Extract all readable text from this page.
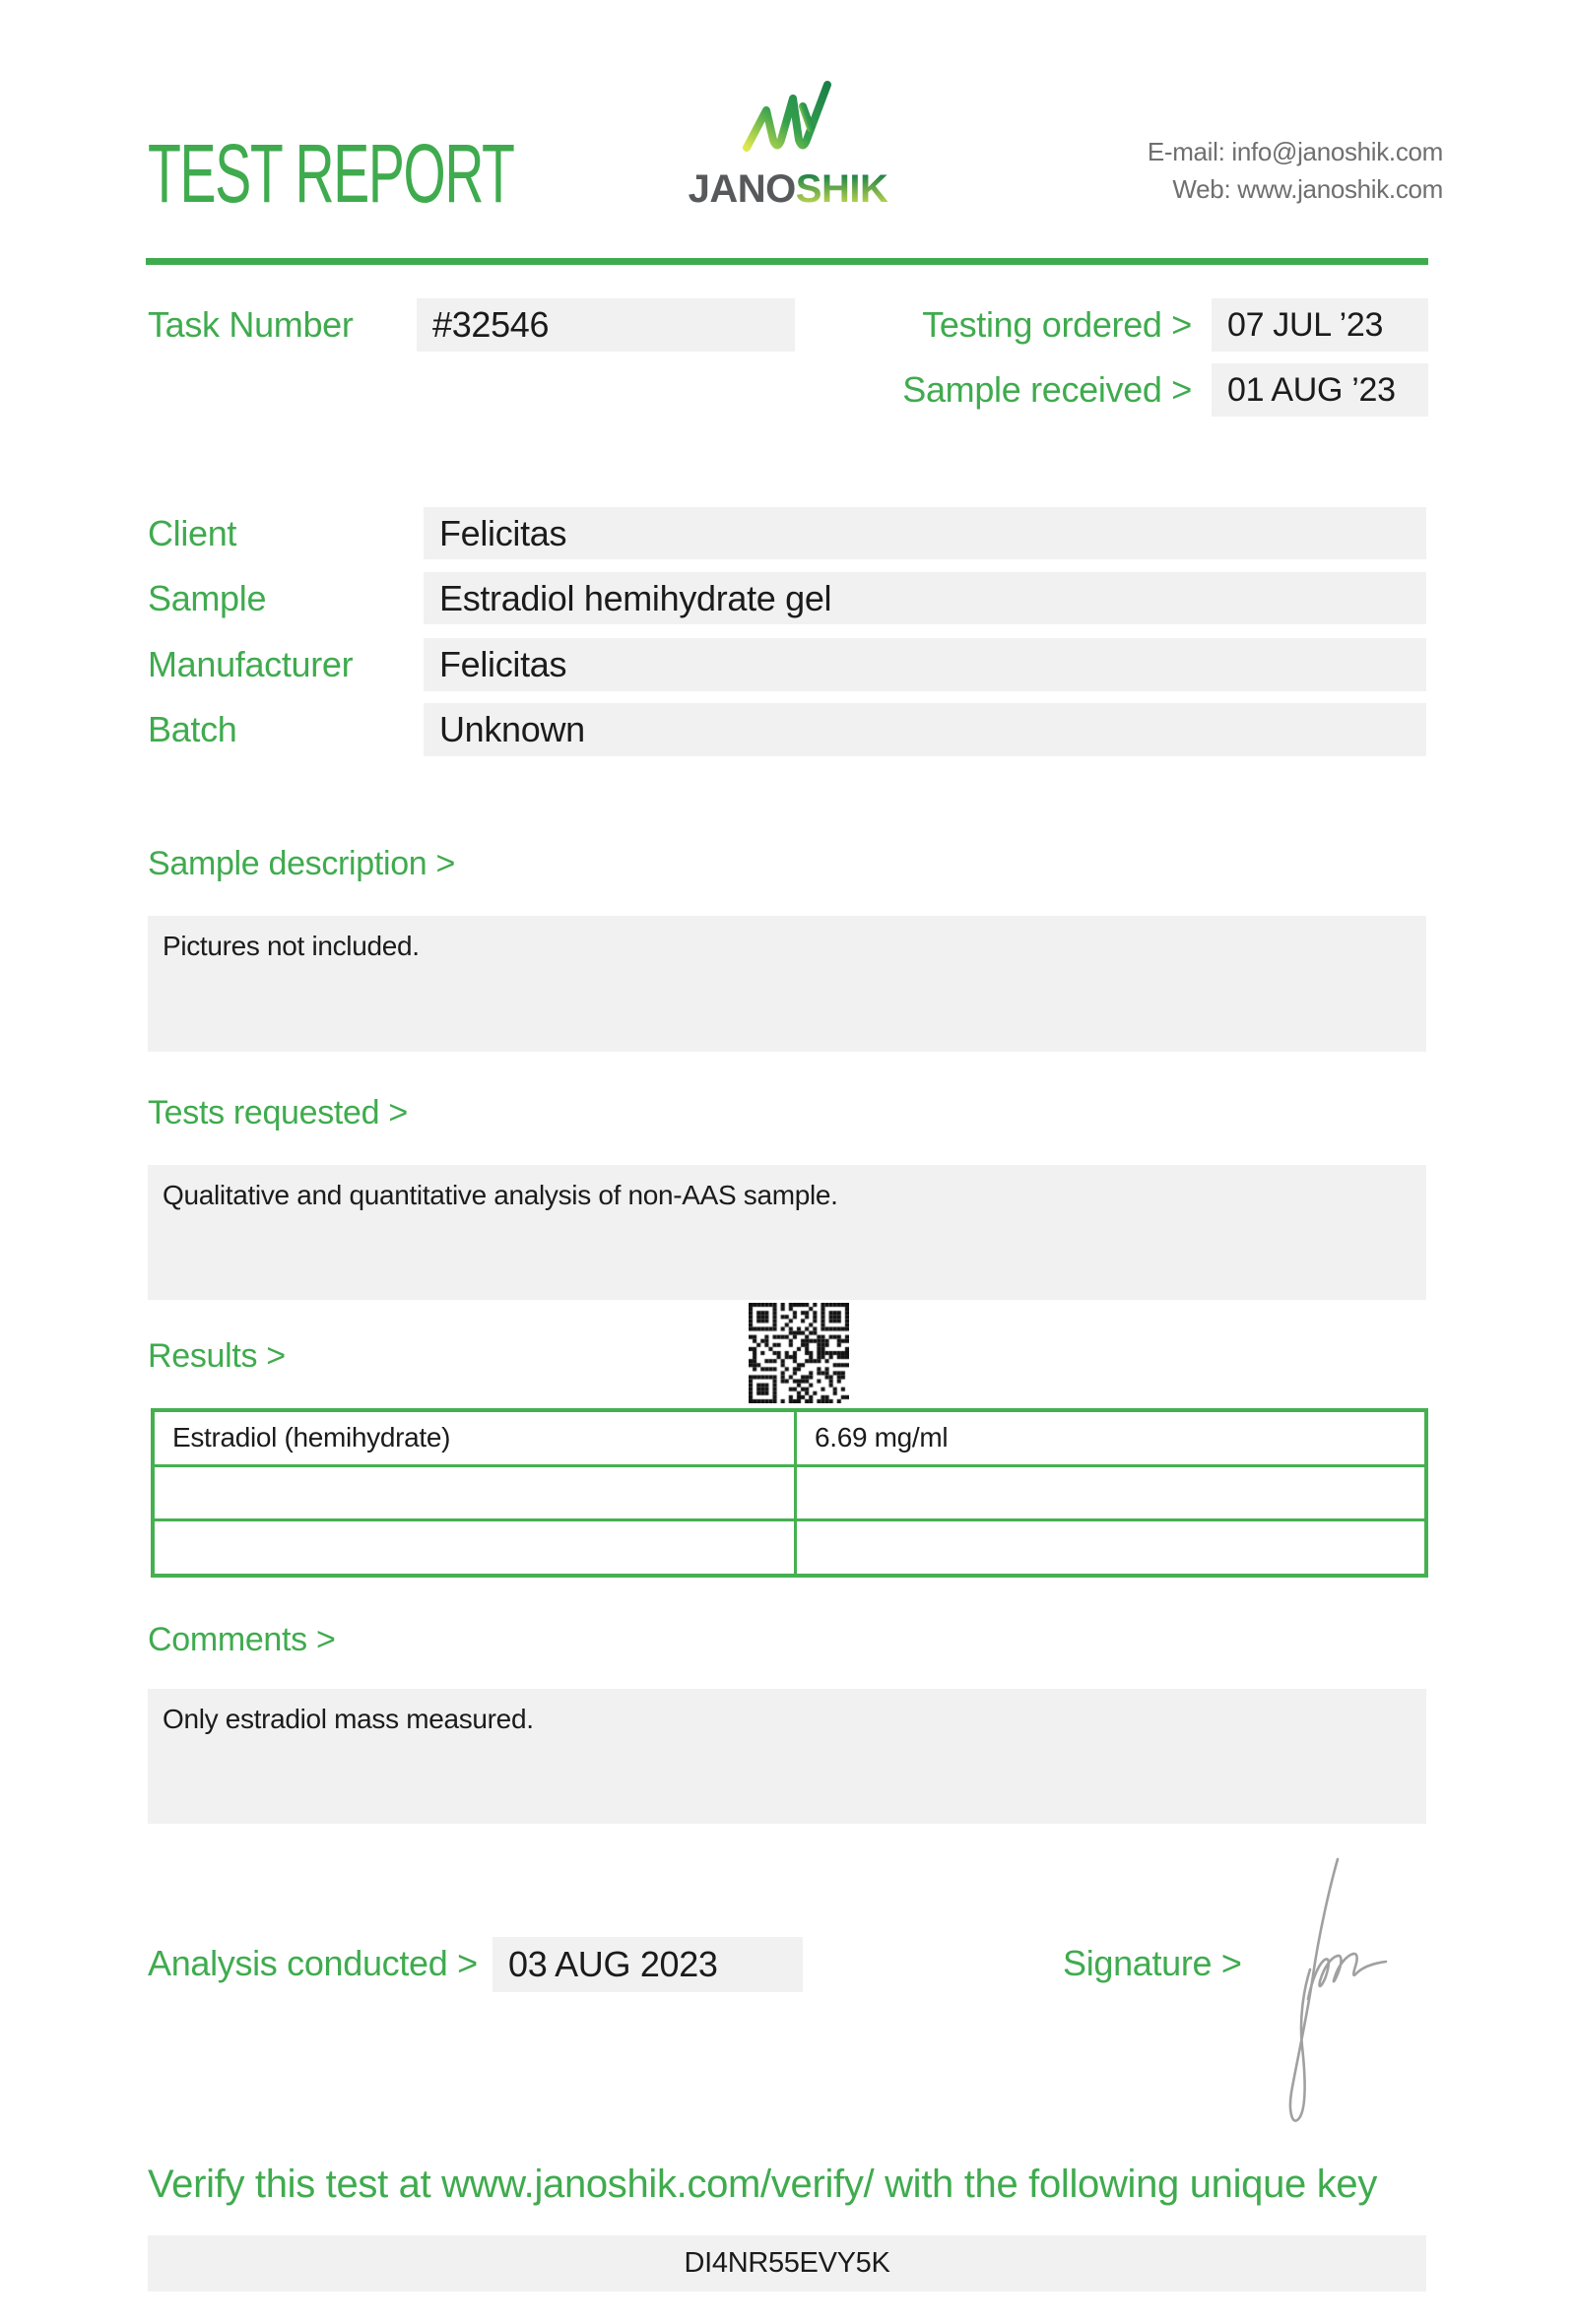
TEST REPORT	JANOSHIK
E-mail: info@janoshik.com
Web: www.janoshik.com
Task Number	#32546	Testing ordered >	07 JUL ’23
Sample received >	01 AUG ’23
Client	Felicitas
Sample	Estradiol hemihydrate gel
Manufacturer	Felicitas
Batch	Unknown
Sample description >
Pictures not included.
Tests requested >
Qualitative and quantitative analysis of non-AAS sample.
Results >
Estradiol (hemihydrate)	6.69 mg/ml
Comments >
Only estradiol mass measured.
Analysis conducted > 03 AUG 2023	Signature >
Verify this test at www.janoshik.com/verify/ with the following unique key
DI4NR55EVY5K
